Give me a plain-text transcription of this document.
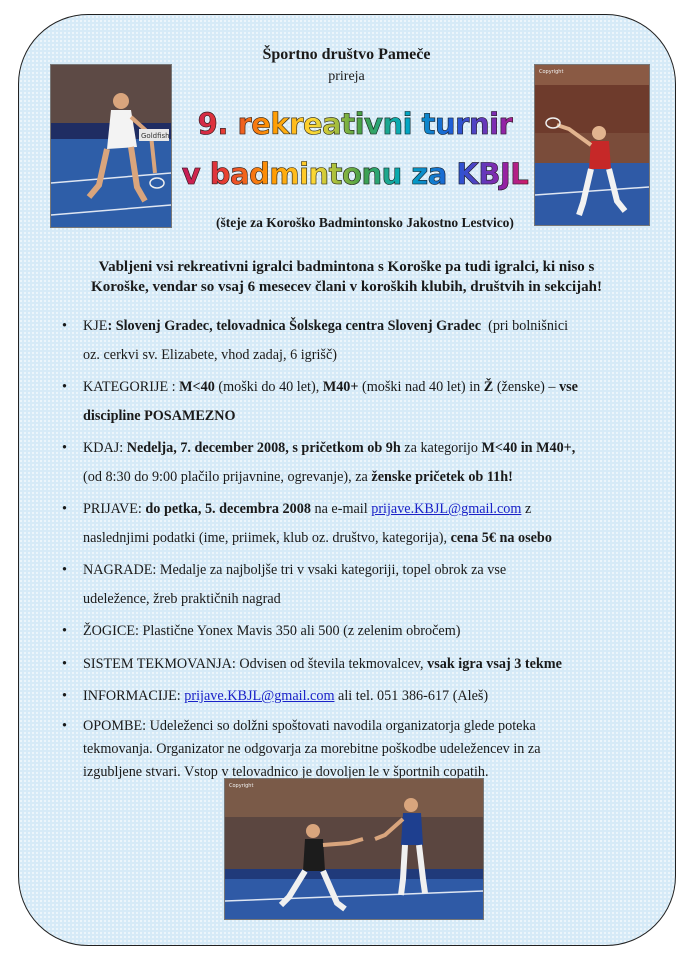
Goldfish
Copyright
Športno društvo Pameče
prireja
9. rekreativni turnir
v badmintonu za KBJL
(šteje za Koroško Badmintonsko Jakostno Lestvico)
Vabljeni vsi rekreativni igralci badmintona s Koroške pa tudi igralci, ki niso s
Koroške, vendar so vsaj 6 mesecev člani v koroških klubih, društvih in sekcijah!
• KJE: Slovenj Gradec, telovadnica Šolskega centra Slovenj Gradec (pri bolnišnici
oz. cerkvi sv. Elizabete, vhod zadaj, 6 igrišč)
• KATEGORIJE : M<40 (moški do 40 let), M40+ (moški nad 40 let) in Ž (ženske) – vse
discipline POSAMEZNO
• KDAJ: Nedelja, 7. december 2008, s pričetkom ob 9h za kategorijo M<40 in M40+,
(od 8:30 do 9:00 plačilo prijavnine, ogrevanje), za ženske pričetek ob 11h!
• PRIJAVE: do petka, 5. decembra 2008 na e-mail prijave.KBJL@gmail.com z
naslednjimi podatki (ime, priimek, klub oz. društvo, kategorija), cena 5€ na osebo
• NAGRADE: Medalje za najboljše tri v vsaki kategoriji, topel obrok za vse
udeležence, žreb praktičnih nagrad
• ŽOGICE: Plastične Yonex Mavis 350 ali 500 (z zelenim obročem)
• SISTEM TEKMOVANJA: Odvisen od števila tekmovalcev, vsak igra vsaj 3 tekme
• INFORMACIJE: prijave.KBJL@gmail.com ali tel. 051 386-617 (Aleš)
• OPOMBE: Udeleženci so dolžni spoštovati navodila organizatorja glede poteka
tekmovanja. Organizator ne odgovarja za morebitne poškodbe udeležencev in za
izgubljene stvari. Vstop v telovadnico je dovoljen le v športnih copatih.
Copyright
